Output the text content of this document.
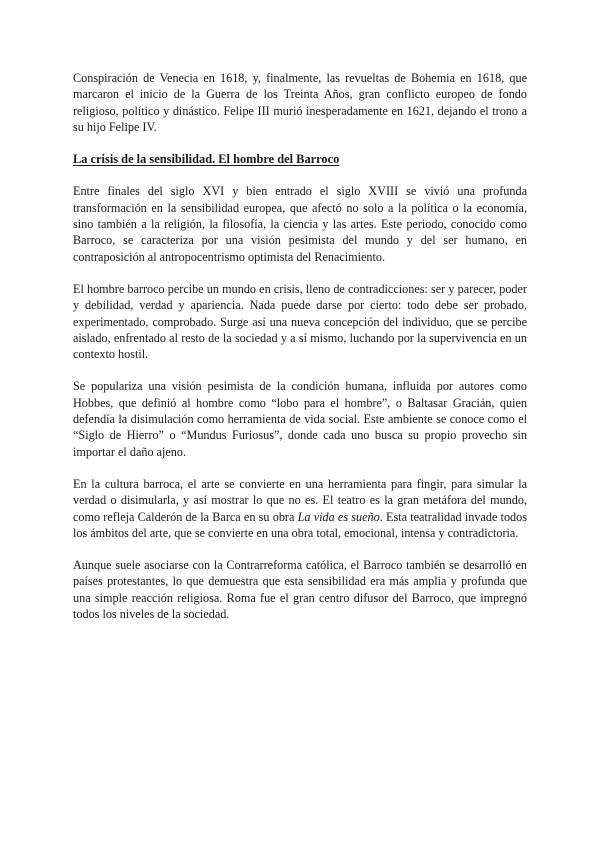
Conspiración de Venecia en 1618, y, finalmente, las revueltas de Bohemia en 1618, que marcaron el inicio de la Guerra de los Treinta Años, gran conflicto europeo de fondo religioso, político y dinástico. Felipe III murió inesperadamente en 1621, dejando el trono a su hijo Felipe IV.

La crisis de la sensibilidad. El hombre del Barroco

Entre finales del siglo XVI y bien entrado el siglo XVIII se vivió una profunda transformación en la sensibilidad europea, que afectó no solo a la política o la economía, sino también a la religión, la filosofía, la ciencia y las artes. Este periodo, conocido como Barroco, se caracteriza por una visión pesimista del mundo y del ser humano, en contraposición al antropocentrismo optimista del Renacimiento.

El hombre barroco percibe un mundo en crisis, lleno de contradicciones: ser y parecer, poder y debilidad, verdad y apariencia. Nada puede darse por cierto: todo debe ser probado, experimentado, comprobado. Surge así una nueva concepción del individuo, que se percibe aislado, enfrentado al resto de la sociedad y a sí mismo, luchando por la supervivencia en un contexto hostil.

Se populariza una visión pesimista de la condición humana, influida por autores como Hobbes, que definió al hombre como “lobo para el hombre”, o Baltasar Gracián, quien defendía la disimulación como herramienta de vida social. Este ambiente se conoce como el “Siglo de Hierro” o “Mundus Furiosus”, donde cada uno busca su propio provecho sin importar el daño ajeno.

En la cultura barroca, el arte se convierte en una herramienta para fingir, para simular la verdad o disimularla, y así mostrar lo que no es. El teatro es la gran metáfora del mundo, como refleja Calderón de la Barca en su obra La vida es sueño. Esta teatralidad invade todos los ámbitos del arte, que se convierte en una obra total, emocional, intensa y contradictoria.

Aunque suele asociarse con la Contrarreforma católica, el Barroco también se desarrolló en países protestantes, lo que demuestra que esta sensibilidad era más amplia y profunda que una simple reacción religiosa. Roma fue el gran centro difusor del Barroco, que impregnó todos los niveles de la sociedad.
